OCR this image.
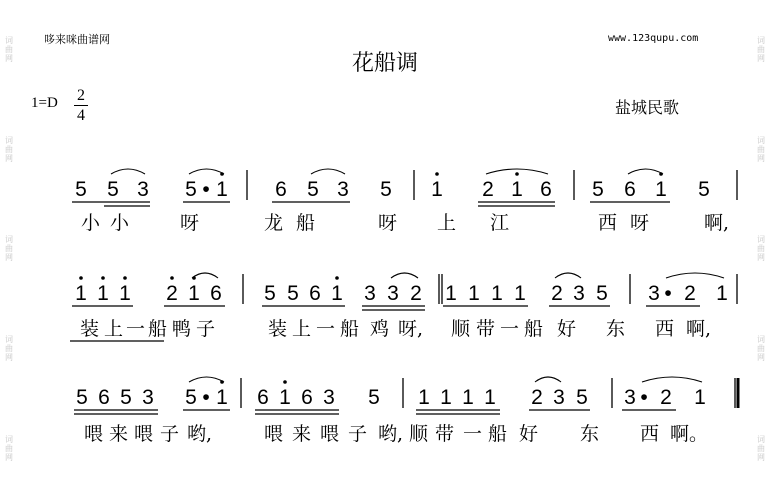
词
曲
网
词
曲
网
词
曲
网
词
曲
网
词
曲
网
词
曲
网
词
曲
网
词
曲
网
词
曲
网
词
曲
网
哆来咪曲谱网	www.123qupu.com
花船调
1=D 2
4	盐城民歌
5 5 3 5 • 1 6 5 3 5 1 2 1 6 5 6 1 5
小 小	呀	龙 船	呀 上 江	西 呀	啊,
1 1 1 2 1 6 5 5 6 1 3 3 2 1 1 1 1 2 3 5 3 • 2 1
装 上 一 船 鸭 子	装 上 一 船 鸡 呀, 顺 带 一 船 好 东 西 啊,
5 6 5 3 5 • 1 6 1 6 3 5 1 1 1 1 2 3 5 3 • 2 1
喂 来 喂 子 哟,	喂 来 喂 子 哟, 顺 带 一 船 好 东 西 啊。
